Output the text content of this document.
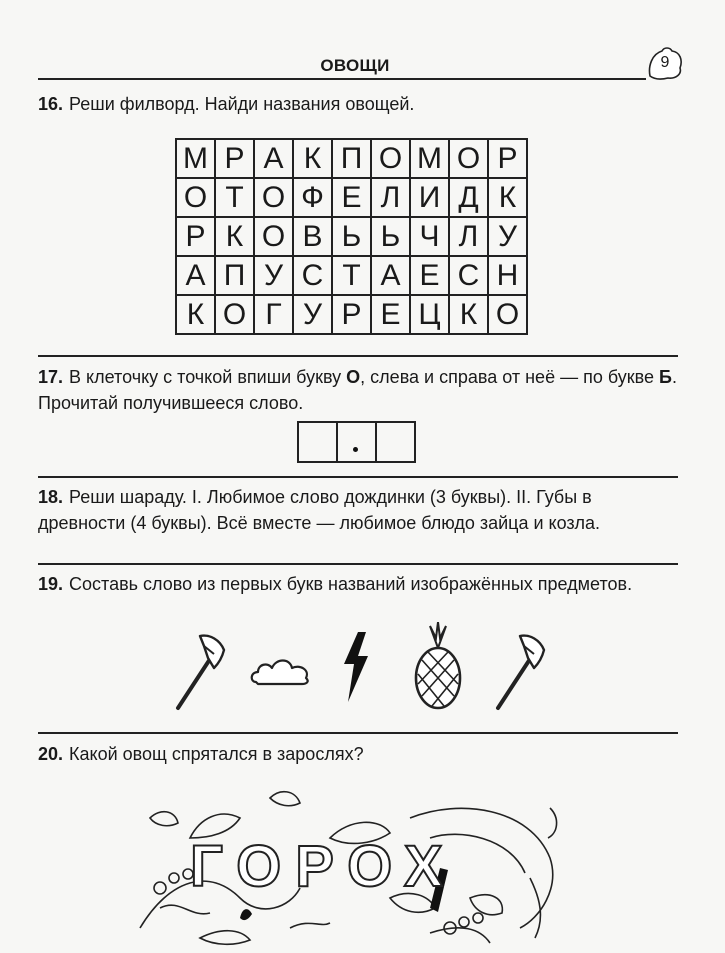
ОВОЩИ	9
16. Реши филворд. Найди названия овощей.
М Р А К П О М О Р
О Т О Ф Е Л И Д К
Р К О В Ь Ь Ч Л У
А П У С Т А Е С Н
К О Г У Р Е Ц К О
17. В клеточку с точкой впиши букву О, слева и справа от неё — по букве Б. Прочитай получившееся слово.
18. Реши шараду. I. Любимое слово дождинки (3 буквы). II. Губы в древности (4 буквы). Всё вместе — любимое блюдо зайца и козла.
19. Составь слово из первых букв названий изображённых предметов.
20. Какой овощ спрятался в зарослях?
ГОРОХ
